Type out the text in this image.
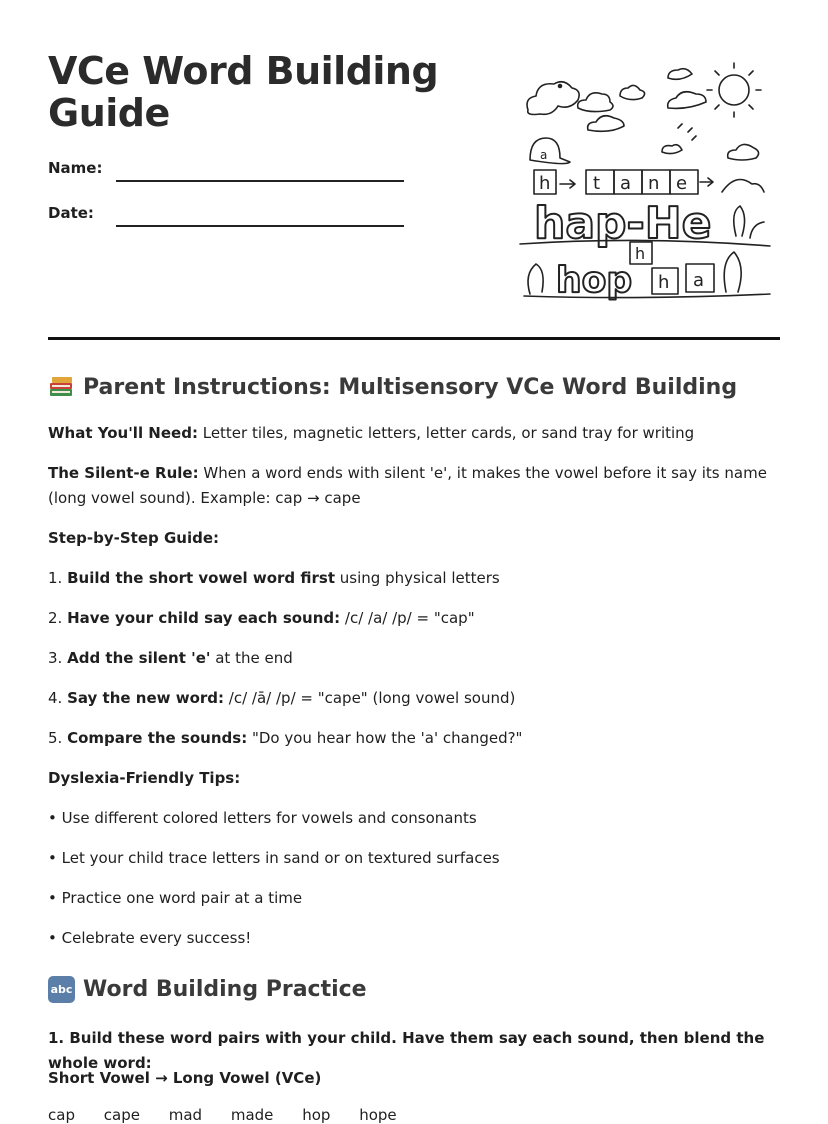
VCe Word Building Guide
Name:
Date:
a
h t a n e
hap-He
h
hop h a
Parent Instructions: Multisensory VCe Word Building

What You'll Need: Letter tiles, magnetic letters, letter cards, or sand tray for writing

The Silent-e Rule: When a word ends with silent 'e', it makes the vowel before it say its name (long vowel sound). Example: cap → cape

Step-by-Step Guide:

1. Build the short vowel word first using physical letters

2. Have your child say each sound: /c/ /a/ /p/ = "cap"

3. Add the silent 'e' at the end

4. Say the new word: /c/ /ā/ /p/ = "cape" (long vowel sound)

5. Compare the sounds: "Do you hear how the 'a' changed?"

Dyslexia-Friendly Tips:

• Use different colored letters for vowels and consonants

• Let your child trace letters in sand or on textured surfaces

• Practice one word pair at a time

• Celebrate every success!

abc Word Building Practice

1. Build these word pairs with your child. Have them say each sound, then blend the whole word:

Short Vowel → Long Vowel (VCe)

cap cape mad made hop hope
